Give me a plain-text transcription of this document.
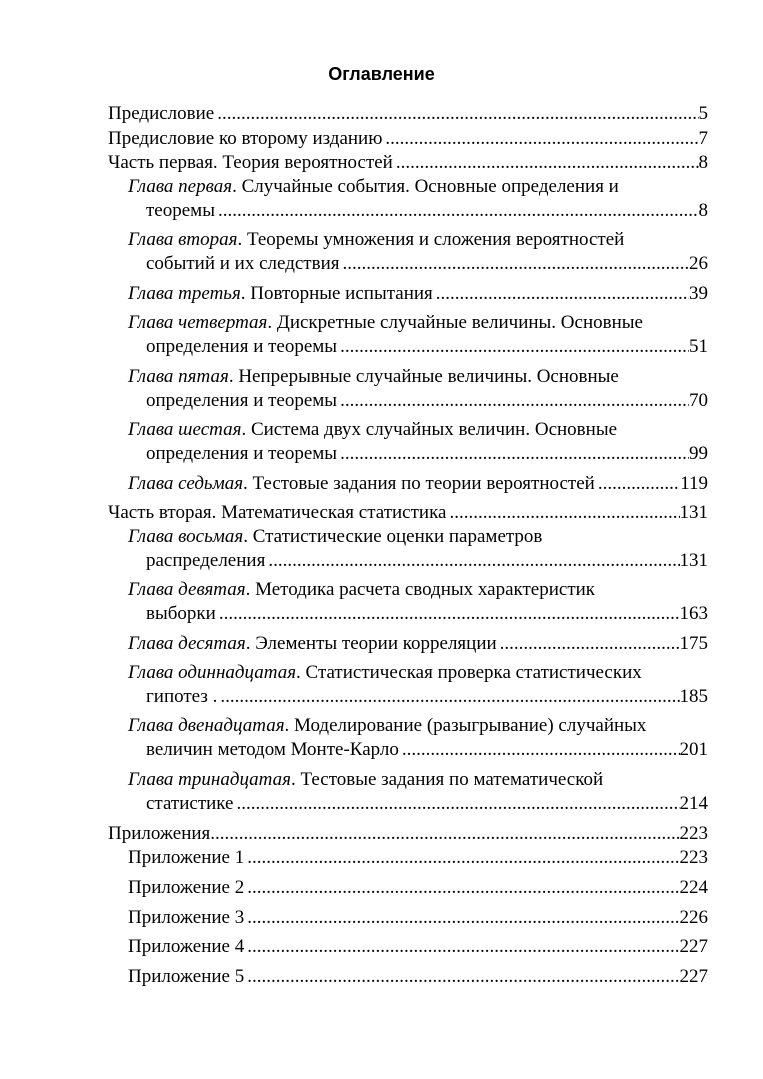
Оглавление
Предисловие .....	5
Предисловие ко второму изданию .....	7
Часть первая. Теория вероятностей .....	8
Глава первая. Случайные события. Основные определения и
теоремы .....	8
Глава вторая. Теоремы умножения и сложения вероятностей
событий и их следствия .....	26
Глава третья. Повторные испытания .....	39
Глава четвертая. Дискретные случайные величины. Основные
определения и теоремы .....	51
Глава пятая. Непрерывные случайные величины. Основные
определения и теоремы .....	70
Глава шестая. Система двух случайных величин. Основные
определения и теоремы .....	99
Глава седьмая. Тестовые задания по теории вероятностей .....	119
Часть вторая. Математическая статистика .....	131
Глава восьмая. Статистические оценки параметров
распределения .....	131
Глава девятая. Методика расчета сводных характеристик
выборки .....	163
Глава десятая. Элементы теории корреляции .....	175
Глава одиннадцатая. Статистическая проверка статистических
гипотез . .....	185
Глава двенадцатая. Моделирование (разыгрывание) случайных
величин методом Монте-Карло .....	201
Глава тринадцатая. Тестовые задания по математической
статистике .....	214
Приложения .....	223
Приложение 1 .....	223
Приложение 2 .....	224
Приложение 3 .....	226
Приложение 4 .....	227
Приложение 5 .....	227
